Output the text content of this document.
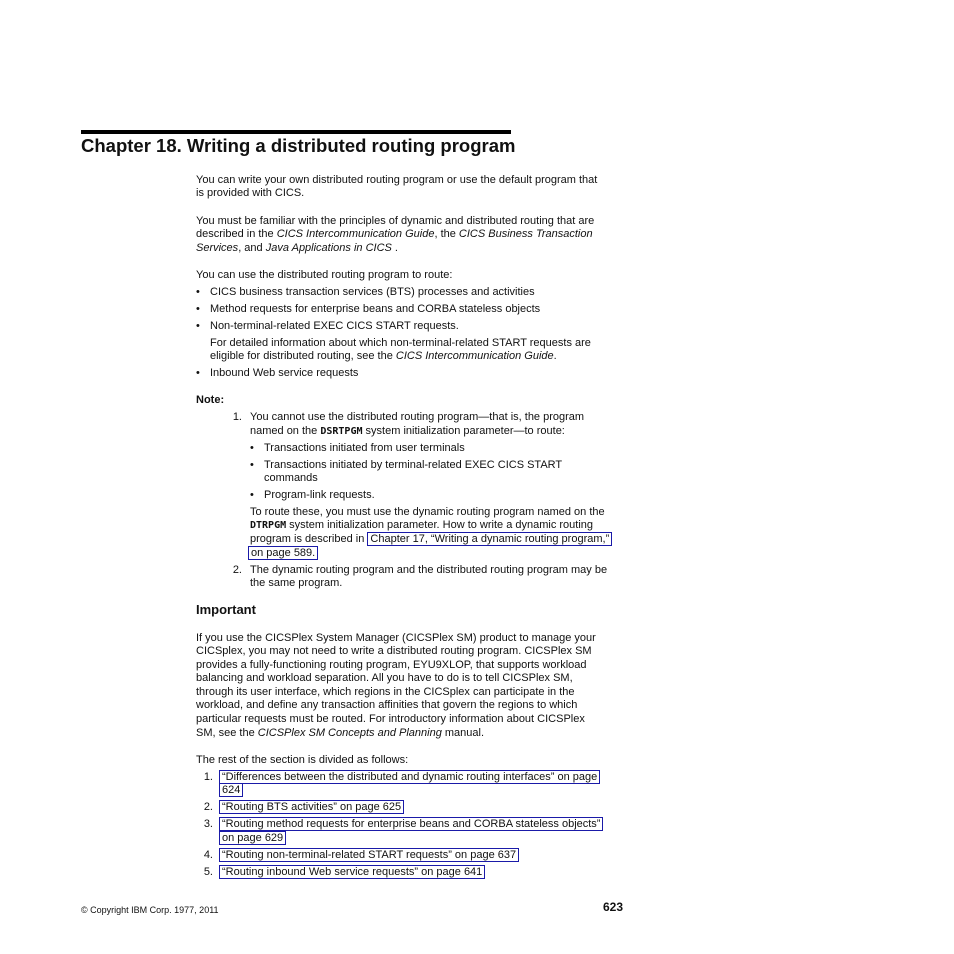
Chapter 18. Writing a distributed routing program

You can write your own distributed routing program or use the default program that

is provided with CICS.

You must be familiar with the principles of dynamic and distributed routing that are

described in the CICS Intercommunication Guide, the CICS Business Transaction

Services, and Java Applications in CICS .

You can use the distributed routing program to route:

• CICS business transaction services (BTS) processes and activities
• Method requests for enterprise beans and CORBA stateless objects
• Non-terminal-related EXEC CICS START requests.

For detailed information about which non-terminal-related START requests are

eligible for distributed routing, see the CICS Intercommunication Guide.

• Inbound Web service requests

Note:

1. You cannot use the distributed routing program—that is, the program

named on the DSRTPGM system initialization parameter—to route:

• Transactions initiated from user terminals
• Transactions initiated by terminal-related EXEC CICS START

commands

• Program-link requests.

To route these, you must use the dynamic routing program named on the

DTRPGM system initialization parameter. How to write a dynamic routing

program is described in Chapter 17, “Writing a dynamic routing program,”

on page 589.

2. The dynamic routing program and the distributed routing program may be

the same program.

Important

If you use the CICSPlex System Manager (CICSPlex SM) product to manage your

CICSplex, you may not need to write a distributed routing program. CICSPlex SM

provides a fully-functioning routing program, EYU9XLOP, that supports workload

balancing and workload separation. All you have to do is to tell CICSPlex SM,

through its user interface, which regions in the CICSplex can participate in the

workload, and define any transaction affinities that govern the regions to which

particular requests must be routed. For introductory information about CICSPlex

SM, see the CICSPlex SM Concepts and Planning manual.

The rest of the section is divided as follows:

1. “Differences between the distributed and dynamic routing interfaces” on page

624

2. “Routing BTS activities” on page 625

3. “Routing method requests for enterprise beans and CORBA stateless objects”

on page 629

4. “Routing non-terminal-related START requests” on page 637

5. “Routing inbound Web service requests” on page 641

© Copyright IBM Corp. 1977, 2011	623
